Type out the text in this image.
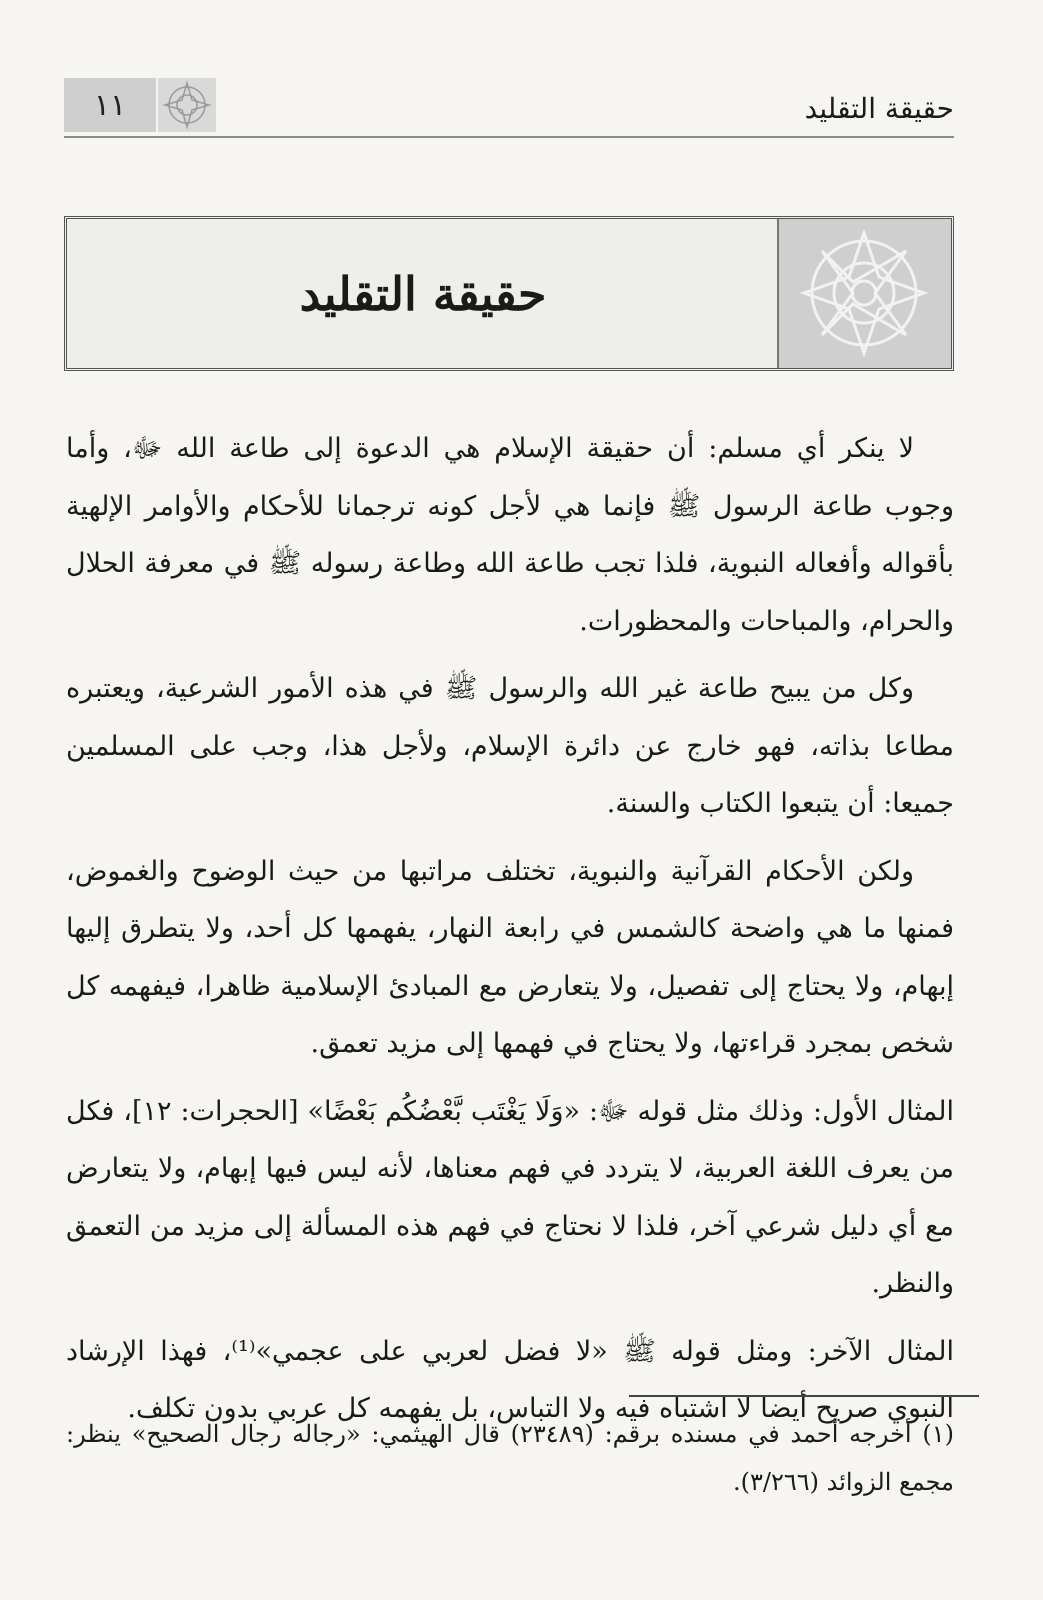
١١	حقيقة التقليد
حقيقة التقليد

لا ينكر أي مسلم: أن حقيقة الإسلام هي الدعوة إلى طاعة الله ﷻ، وأما وجوب طاعة الرسول ﷺ فإنما هي لأجل كونه ترجمانا للأحكام والأوامر الإلهية بأقواله وأفعاله النبوية، فلذا تجب طاعة الله وطاعة رسوله ﷺ في معرفة الحلال والحرام، والمباحات والمحظورات.

وكل من يبيح طاعة غير الله والرسول ﷺ في هذه الأمور الشرعية، ويعتبره مطاعا بذاته، فهو خارج عن دائرة الإسلام، ولأجل هذا، وجب على المسلمين جميعا: أن يتبعوا الكتاب والسنة.

ولكن الأحكام القرآنية والنبوية، تختلف مراتبها من حيث الوضوح والغموض، فمنها ما هي واضحة كالشمس في رابعة النهار، يفهمها كل أحد، ولا يتطرق إليها إبهام، ولا يحتاج إلى تفصيل، ولا يتعارض مع المبادئ الإسلامية ظاهرا، فيفهمه كل شخص بمجرد قراءتها، ولا يحتاج في فهمها إلى مزيد تعمق.

المثال الأول: وذلك مثل قوله ﷻ: «وَلَا يَغْتَب بَّعْضُكُم بَعْضًا» [الحجرات: ١٢]، فكل من يعرف اللغة العربية، لا يتردد في فهم معناها، لأنه ليس فيها إبهام، ولا يتعارض مع أي دليل شرعي آخر، فلذا لا نحتاج في فهم هذه المسألة إلى مزيد من التعمق والنظر.

المثال الآخر: ومثل قوله ﷺ «لا فضل لعربي على عجمي»⁽¹⁾، فهذا الإرشاد النبوي صريح أيضا لا اشتباه فيه ولا التباس، بل يفهمه كل عربي بدون تكلف.

(١) أخرجه أحمد في مسنده برقم: (٢٣٤٨٩) قال الهيثمي: «رجاله رجال الصحيح» ينظر: مجمع الزوائد (٣/٢٦٦).
